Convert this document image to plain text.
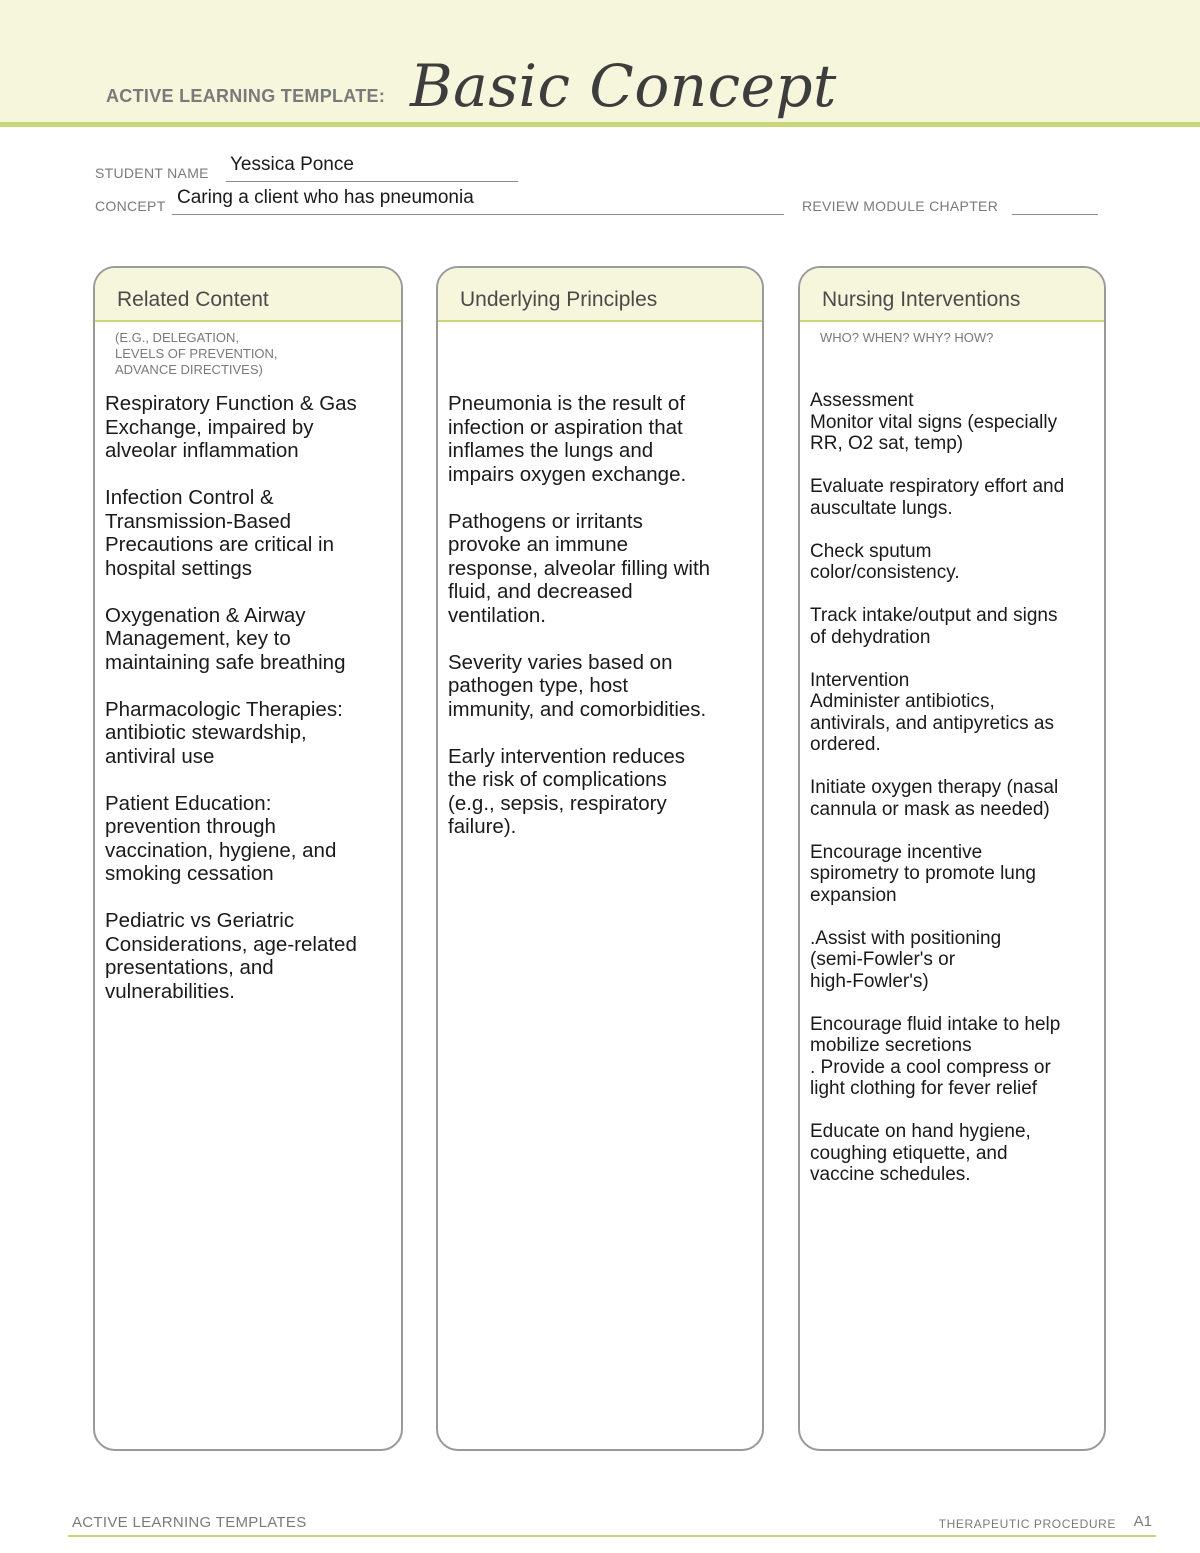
ACTIVE LEARNING TEMPLATE: Basic Concept
STUDENT NAME Yessica Ponce
CONCEPT Caring a client who has pneumonia	REVIEW MODULE CHAPTER
Related Content
(E.G., DELEGATION,
LEVELS OF PREVENTION,
ADVANCE DIRECTIVES)

Respiratory Function & Gas
Exchange, impaired by
alveolar inflammation

Infection Control &
Transmission-Based
Precautions are critical in
hospital settings

Oxygenation & Airway
Management, key to
maintaining safe breathing

Pharmacologic Therapies:
antibiotic stewardship,
antiviral use

Patient Education:
prevention through
vaccination, hygiene, and
smoking cessation

Pediatric vs Geriatric
Considerations, age-related
presentations, and
vulnerabilities.

Underlying Principles

Pneumonia is the result of
infection or aspiration that
inflames the lungs and
impairs oxygen exchange.

Pathogens or irritants
provoke an immune
response, alveolar filling with
fluid, and decreased
ventilation.

Severity varies based on
pathogen type, host
immunity, and comorbidities.

Early intervention reduces
the risk of complications
(e.g., sepsis, respiratory
failure).

Nursing Interventions
WHO? WHEN? WHY? HOW?

Assessment
Monitor vital signs (especially
RR, O2 sat, temp)

Evaluate respiratory effort and
auscultate lungs.

Check sputum
color/consistency.

Track intake/output and signs
of dehydration

Intervention
Administer antibiotics,
antivirals, and antipyretics as
ordered.

Initiate oxygen therapy (nasal
cannula or mask as needed)

Encourage incentive
spirometry to promote lung
expansion

.Assist with positioning
(semi-Fowler's or
high-Fowler's)

Encourage fluid intake to help
mobilize secretions
. Provide a cool compress or
light clothing for fever relief

Educate on hand hygiene,
coughing etiquette, and
vaccine schedules.

ACTIVE LEARNING TEMPLATES	THERAPEUTIC PROCEDURE A1
